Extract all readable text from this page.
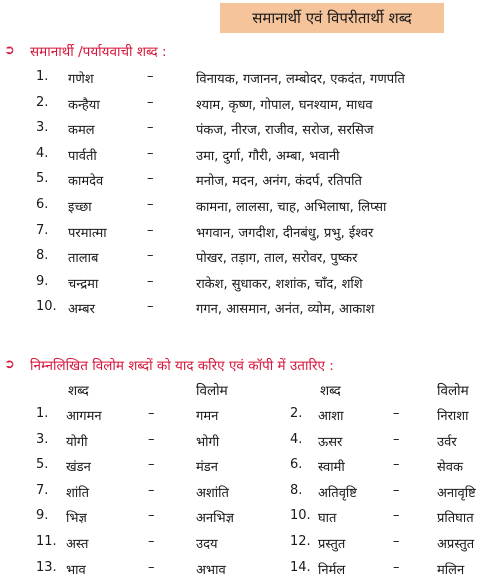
समानार्थी एवं विपरीतार्थी शब्द
➲ समानार्थी /पर्यायवाची शब्द :
1. गणेश	–	विनायक, गजानन, लम्बोदर, एकदंत, गणपति
2. कन्हैया	–	श्याम, कृष्ण, गोपाल, घनश्याम, माधव
3. कमल	–	पंकज, नीरज, राजीव, सरोज, सरसिज
4. पार्वती	–	उमा, दुर्गा, गौरी, अम्बा, भवानी
5. कामदेव	–	मनोज, मदन, अनंग, कंदर्प, रतिपति
6. इच्छा	–	कामना, लालसा, चाह, अभिलाषा, लिप्सा
7. परमात्मा	–	भगवान, जगदीश, दीनबंधु, प्रभु, ईश्वर
8. तालाब	–	पोखर, तड़ाग, ताल, सरोवर, पुष्कर
9. चन्द्रमा	–	राकेश, सुधाकर, शशांक, चाँद, शशि
10. अम्बर	–	गगन, आसमान, अनंत, व्योम, आकाश
➲ निम्नलिखित विलोम शब्दों को याद करिए एवं कॉपी में उतारिए :
शब्द	विलोम	शब्द	विलोम
1. आगमन	–	गमन	2. आशा	–	निराशा
3. योगी	–	भोगी	4. ऊसर	–	उर्वर
5. खंडन	–	मंडन	6. स्वामी	–	सेवक
7. शांति	–	अशांति	8. अतिवृष्टि	–	अनावृष्टि
9. भिज्ञ	–	अनभिज्ञ	10. घात	–	प्रतिघात
11. अस्त	–	उदय	12. प्रस्तुत	–	अप्रस्तुत
13. भाव	–	अभाव	14. निर्मल	–	मलिन
